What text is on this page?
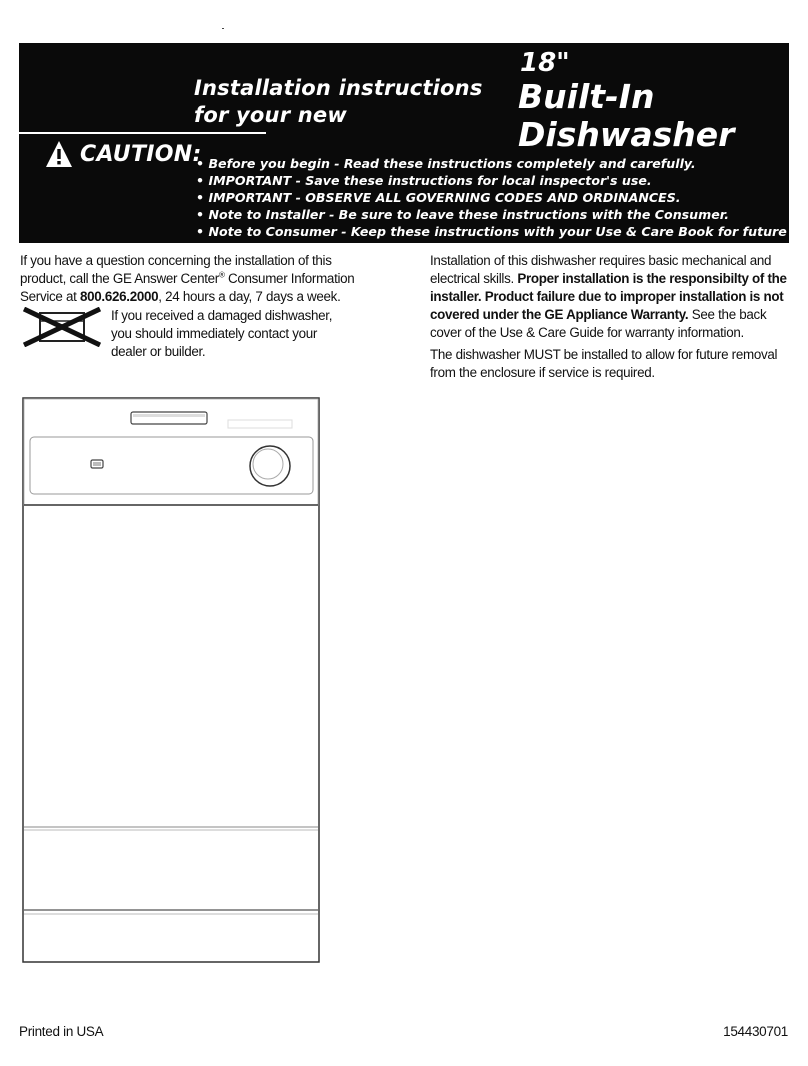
Installation instructions
for your new
18"
Built-In
Dishwasher
CAUTION:
• Before you begin - Read these instructions completely and carefully.
• IMPORTANT - Save these instructions for local inspector's use.
• IMPORTANT - OBSERVE ALL GOVERNING CODES AND ORDINANCES.
• Note to Installer - Be sure to leave these instructions with the Consumer.
• Note to Consumer - Keep these instructions with your Use & Care Book for future reference.
If you have a question concerning the installation of this product, call the GE Answer Center® Consumer Information Service at 800.626.2000, 24 hours a day, 7 days a week.
If you received a damaged dishwasher,
you should immediately contact your
dealer or builder.

Installation of this dishwasher requires basic mechanical and electrical skills. Proper installation is the responsibilty of the installer. Product failure due to improper installation is not covered under the GE Appliance Warranty. See the back cover of the Use & Care Guide for warranty information.

The dishwasher MUST be installed to allow for future removal from the enclosure if service is required.

Printed in USA	154430701
